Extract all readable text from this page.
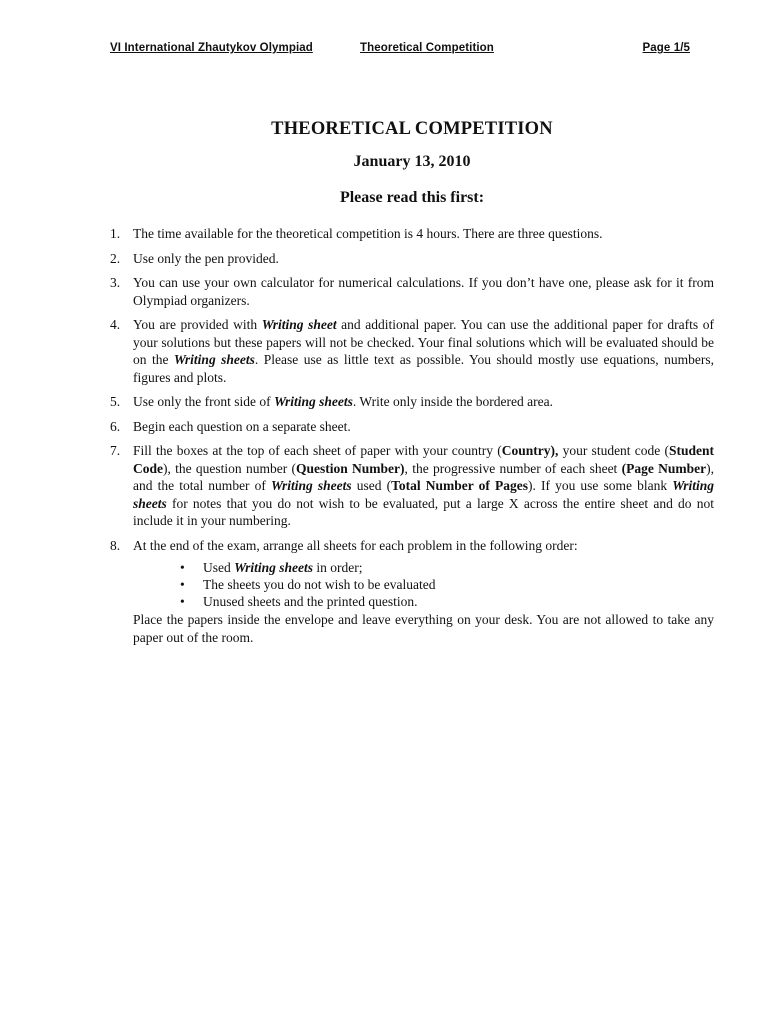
VI International Zhautykov Olympiad	Theoretical Competition	Page 1/5
THEORETICAL COMPETITION
January 13, 2010
Please read this first:
1. The time available for the theoretical competition is 4 hours. There are three questions.
2. Use only the pen provided.
3. You can use your own calculator for numerical calculations. If you don’t have one, please ask for it from Olympiad organizers.
4. You are provided with Writing sheet and additional paper. You can use the additional paper for drafts of your solutions but these papers will not be checked. Your final solutions which will be evaluated should be on the Writing sheets. Please use as little text as possible. You should mostly use equations, numbers, figures and plots.
5. Use only the front side of Writing sheets. Write only inside the bordered area.
6. Begin each question on a separate sheet.
7. Fill the boxes at the top of each sheet of paper with your country (Country), your student code (Student Code), the question number (Question Number), the progressive number of each sheet (Page Number), and the total number of Writing sheets used (Total Number of Pages). If you use some blank Writing sheets for notes that you do not wish to be evaluated, put a large X across the entire sheet and do not include it in your numbering.
8. At the end of the exam, arrange all sheets for each problem in the following order:
• Used Writing sheets in order;
• The sheets you do not wish to be evaluated
• Unused sheets and the printed question.
Place the papers inside the envelope and leave everything on your desk. You are not allowed to take any paper out of the room.
